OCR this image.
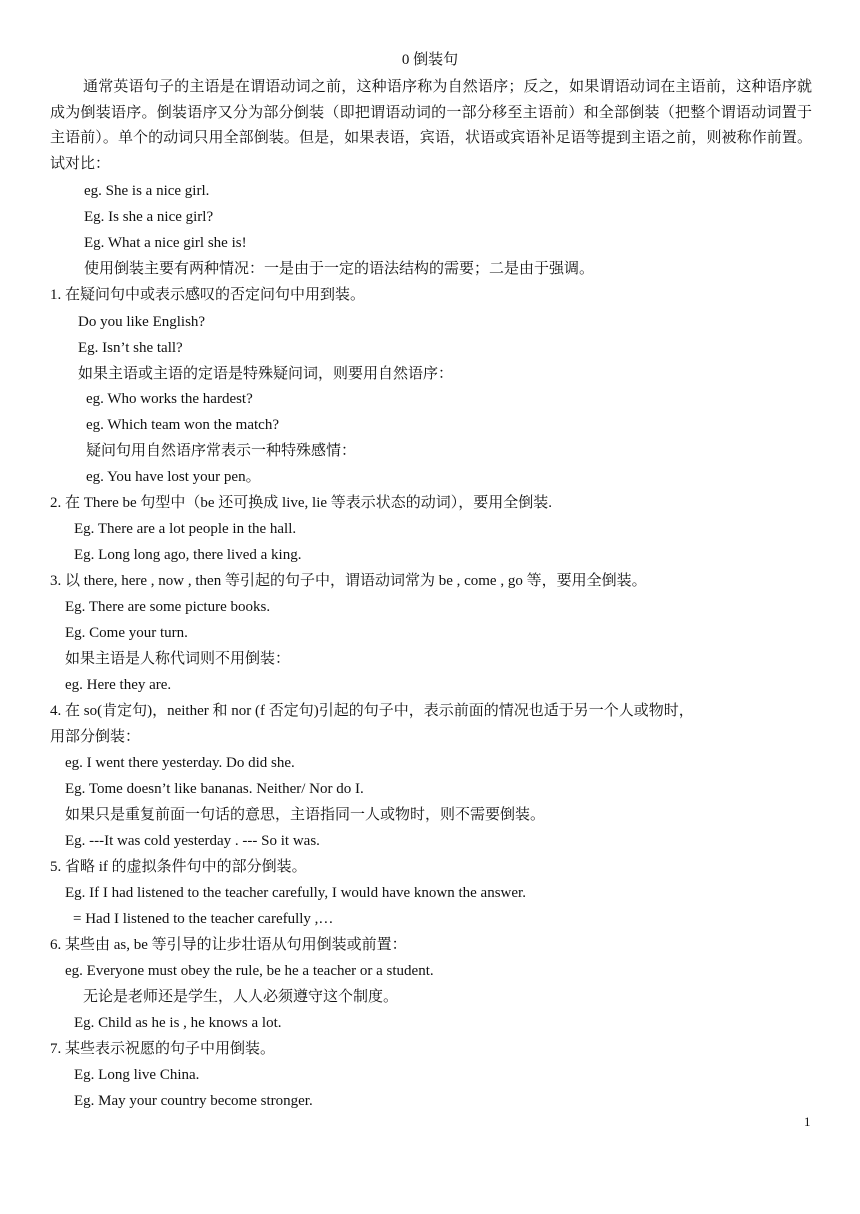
0 倒装句

通常英语句子的主语是在谓语动词之前，这种语序称为自然语序；反之，如果谓语动词在主语前，这种语序就成为倒装语序。倒装语序又分为部分倒装（即把谓语动词的一部分移至主语前）和全部倒装（把整个谓语动词置于主语前）。单个的动词只用全部倒装。但是，如果表语，宾语，状语或宾语补足语等提到主语之前，则被称作前置。试对比：

eg. She is a nice girl.
Eg. Is she a nice girl?
Eg. What a nice girl she is!
使用倒装主要有两种情况：一是由于一定的语法结构的需要；二是由于强调。
1. 在疑问句中或表示感叹的否定问句中用到装。
Do you like English?
Eg. Isn’t she tall?
如果主语或主语的定语是特殊疑问词，则要用自然语序：
eg. Who works the hardest?
eg. Which team won the match?
疑问句用自然语序常表示一种特殊感情：
eg. You have lost your pen。
2. 在 There be 句型中（be 还可换成 live, lie 等表示状态的动词），要用全倒装.
Eg. There are a lot people in the hall.
Eg. Long long ago, there lived a king.
3. 以 there, here , now , then 等引起的句子中，谓语动词常为 be , come , go 等，要用全倒装。
Eg. There are some picture books.
Eg. Come your turn.
如果主语是人称代词则不用倒装：
eg. Here they are.
4. 在 so(肯定句)，neither 和 nor (f 否定句)引起的句子中，表示前面的情况也适于另一个人或物时，
用部分倒装：
eg. I went there yesterday. Do did she.
Eg. Tome doesn’t like bananas. Neither/ Nor do I.
如果只是重复前面一句话的意思，主语指同一人或物时，则不需要倒装。
Eg. ---It was cold yesterday . --- So it was.
5. 省略 if 的虚拟条件句中的部分倒装。
Eg. If I had listened to the teacher carefully, I would have known the answer.
= Had I listened to the teacher carefully ,…
6. 某些由 as, be 等引导的让步壮语从句用倒装或前置：
eg. Everyone must obey the rule, be he a teacher or a student.
无论是老师还是学生，人人必须遵守这个制度。
Eg. Child as he is , he knows a lot.
7. 某些表示祝愿的句子中用倒装。
Eg. Long live China.
Eg. May your country become stronger.
1
